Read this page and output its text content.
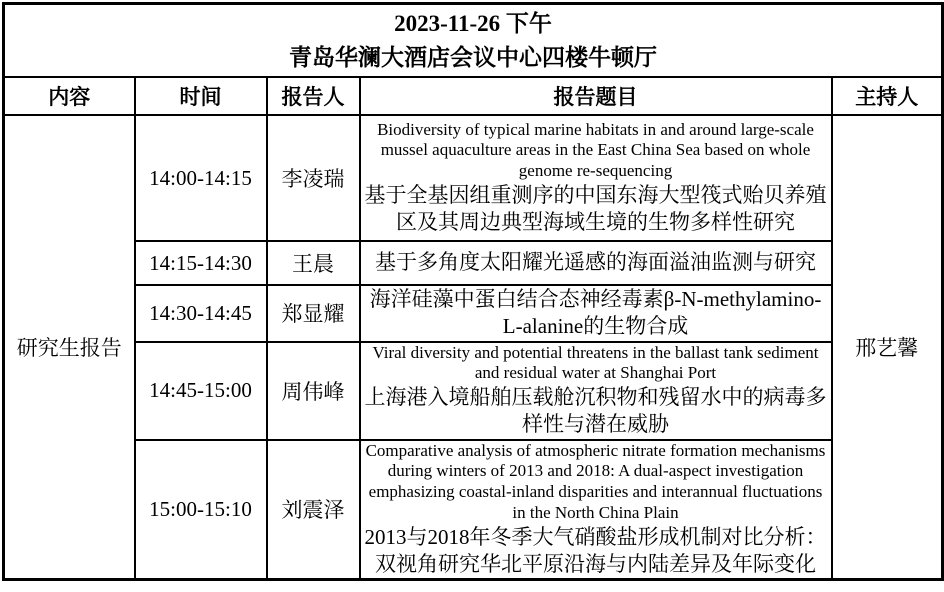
2023-11-26 下午
青岛华澜大酒店会议中心四楼牛顿厅				

内容	时间	报告人	报告题目	主持人
研究生报告	14:00-14:15	李凌瑞	Biodiversity of typical marine habitats in and around large-scale mussel aquaculture areas in the East China Sea based on whole genome re-sequencing
基于全基因组重测序的中国东海大型筏式贻贝养殖区及其周边典型海域生境的生物多样性研究	邢艺馨
	14:15-14:30	王晨	基于多角度太阳耀光遥感的海面溢油监测与研究	

	14:30-14:45	郑显耀	海洋硅藻中蛋白结合态神经毒素β-N-methylamino-L-alanine的生物合成	

	14:45-15:00	周伟峰	Viral diversity and potential threatens in the ballast tank sediment and residual water at Shanghai Port
上海港入境船舶压载舱沉积物和残留水中的病毒多样性与潜在威胁	

	15:00-15:10	刘震泽	Comparative analysis of atmospheric nitrate formation mechanisms during winters of 2013 and 2018: A dual-aspect investigation emphasizing coastal-inland disparities and interannual fluctuations in the North China Plain
2013与2018年冬季大气硝酸盐形成机制对比分析：双视角研究华北平原沿海与内陆差异及年际变化	
